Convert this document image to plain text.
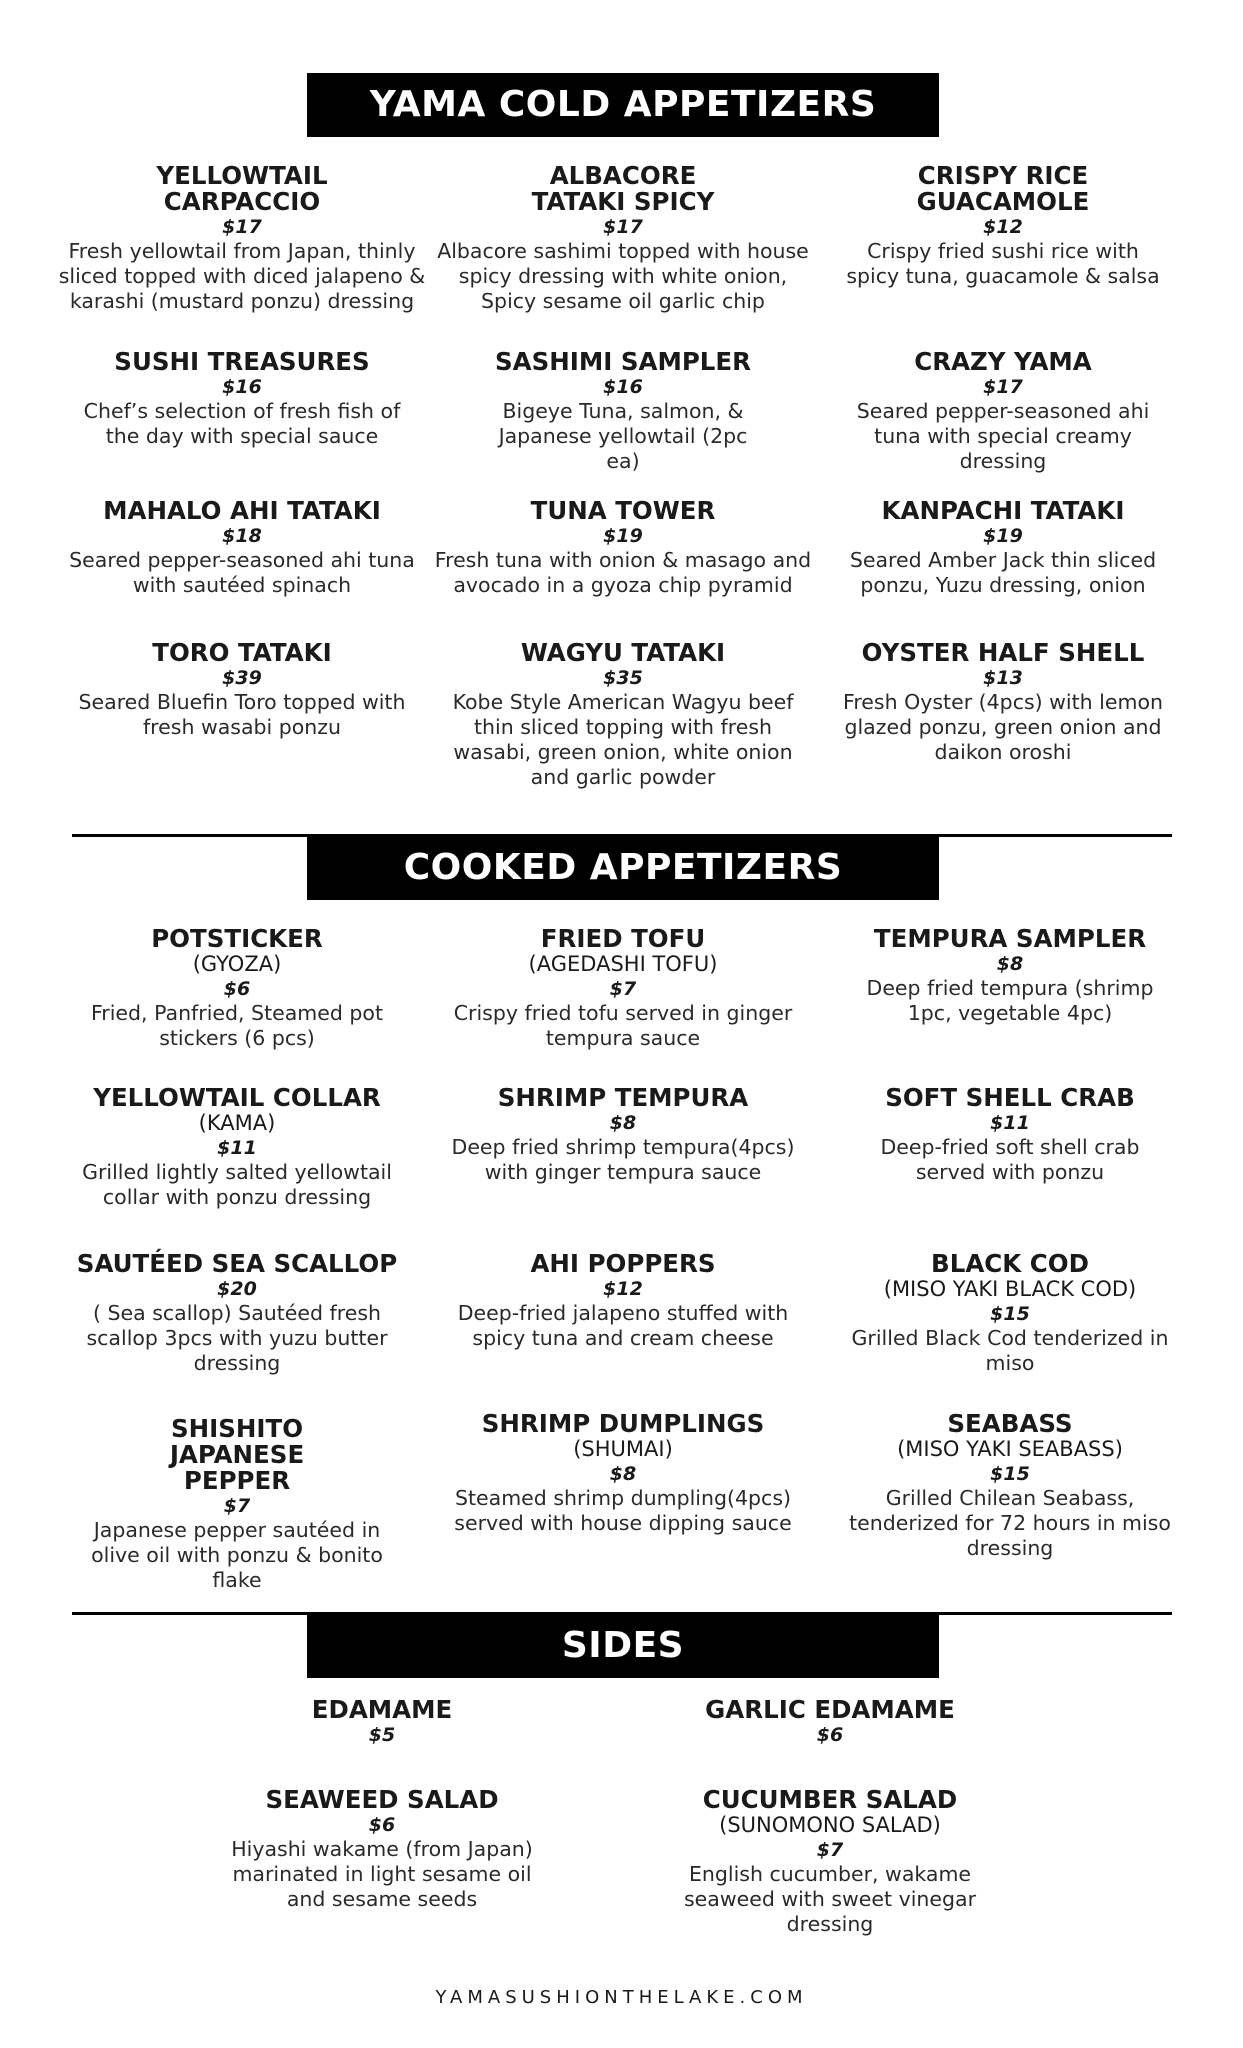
YAMA COLD APPETIZERS
COOKED APPETIZERS
SIDES
YELLOWTAIL CARPACCIO
$17
Fresh yellowtail from Japan, thinly sliced topped with diced jalapeno & karashi (mustard ponzu) dressing
ALBACORE TATAKI SPICY
$17
Albacore sashimi topped with house spicy dressing with white onion, Spicy sesame oil garlic chip
CRISPY RICE GUACAMOLE
$12
Crispy fried sushi rice with spicy tuna, guacamole & salsa
SUSHI TREASURES
$16
Chef’s selection of fresh fish of the day with special sauce
SASHIMI SAMPLER
$16
Bigeye Tuna, salmon, & Japanese yellowtail (2pc ea)
CRAZY YAMA
$17
Seared pepper-seasoned ahi tuna with special creamy dressing
MAHALO AHI TATAKI
$18
Seared pepper-seasoned ahi tuna with sautéed spinach
TUNA TOWER
$19
Fresh tuna with onion & masago and avocado in a gyoza chip pyramid
KANPACHI TATAKI
$19
Seared Amber Jack thin sliced ponzu, Yuzu dressing, onion
TORO TATAKI
$39
Seared Bluefin Toro topped with fresh wasabi ponzu
WAGYU TATAKI
$35
Kobe Style American Wagyu beef thin sliced topping with fresh wasabi, green onion, white onion and garlic powder
OYSTER HALF SHELL
$13
Fresh Oyster (4pcs) with lemon glazed ponzu, green onion and daikon oroshi
POTSTICKER
(GYOZA)
$6
Fried, Panfried, Steamed pot stickers (6 pcs)
FRIED TOFU
(AGEDASHI TOFU)
$7
Crispy fried tofu served in ginger tempura sauce
TEMPURA SAMPLER
$8
Deep fried tempura (shrimp 1pc, vegetable 4pc)
YELLOWTAIL COLLAR
(KAMA)
$11
Grilled lightly salted yellowtail collar with ponzu dressing
SHRIMP TEMPURA
$8
Deep fried shrimp tempura(4pcs) with ginger tempura sauce
SOFT SHELL CRAB
$11
Deep-fried soft shell crab served with ponzu
SAUTÉED SEA SCALLOP
$20
( Sea scallop) Sautéed fresh scallop 3pcs with yuzu butter dressing
AHI POPPERS
$12
Deep-fried jalapeno stuffed with spicy tuna and cream cheese
BLACK COD
(MISO YAKI BLACK COD)
$15
Grilled Black Cod tenderized in miso
SHISHITO JAPANESE PEPPER
$7
Japanese pepper sautéed in olive oil with ponzu & bonito flake
SHRIMP DUMPLINGS
(SHUMAI)
$8
Steamed shrimp dumpling(4pcs) served with house dipping sauce
SEABASS
(MISO YAKI SEABASS)
$15
Grilled Chilean Seabass, tenderized for 72 hours in miso dressing
EDAMAME
$5
GARLIC EDAMAME
$6
SEAWEED SALAD
$6
Hiyashi wakame (from Japan) marinated in light sesame oil and sesame seeds
CUCUMBER SALAD
(SUNOMONO SALAD)
$7
English cucumber, wakame seaweed with sweet vinegar dressing
YAMASUSHIONTHELAKE.COM
